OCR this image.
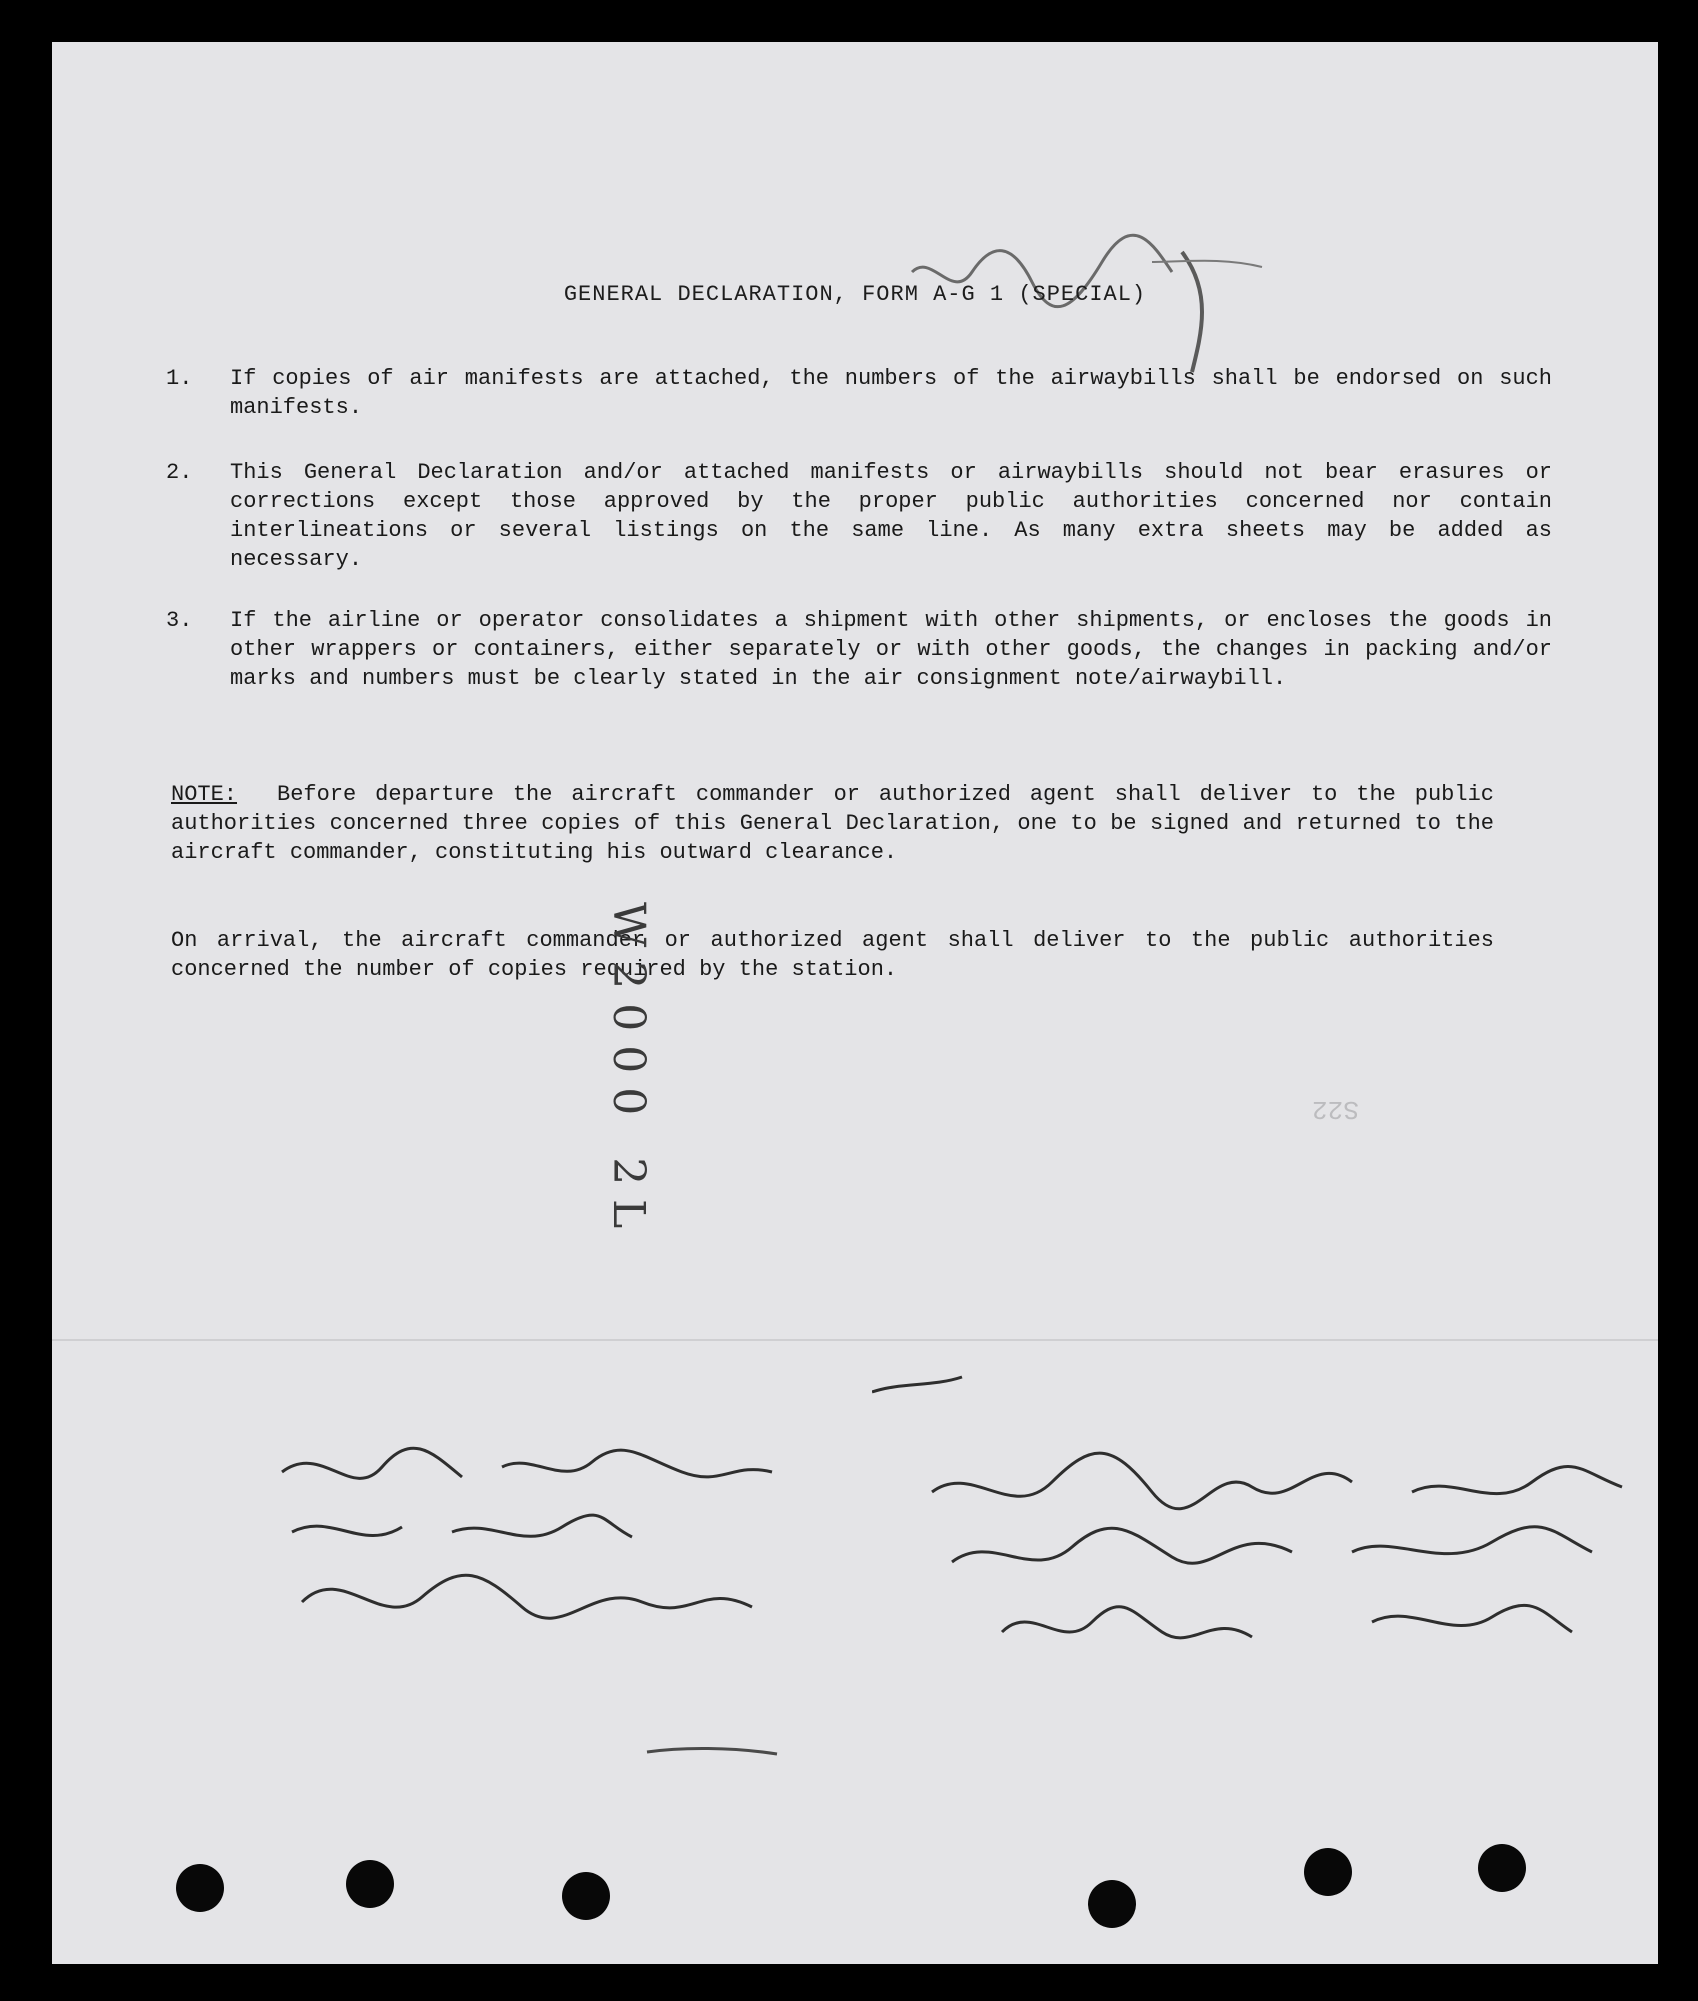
GENERAL DECLARATION, FORM A-G 1 (SPECIAL)
1. If copies of air manifests are attached, the numbers of the airwaybills shall be endorsed on such manifests.
2. This General Declaration and/or attached manifests or airwaybills should not bear erasures or corrections except those approved by the proper public authorities concerned nor contain interlineations or several listings on the same line. As many extra sheets may be added as necessary.
3. If the airline or operator consolidates a shipment with other shipments, or encloses the goods in other wrappers or containers, either separately or with other goods, the changes in packing and/or marks and numbers must be clearly stated in the air consignment note/airwaybill.
NOTE: Before departure the aircraft commander or authorized agent shall deliver to the public authorities concerned three copies of this General Declaration, one to be signed and returned to the aircraft commander, constituting his outward clearance.
On arrival, the aircraft commander or authorized agent shall deliver to the public authorities concerned the number of copies required by the station.
W2000 2L	S22
